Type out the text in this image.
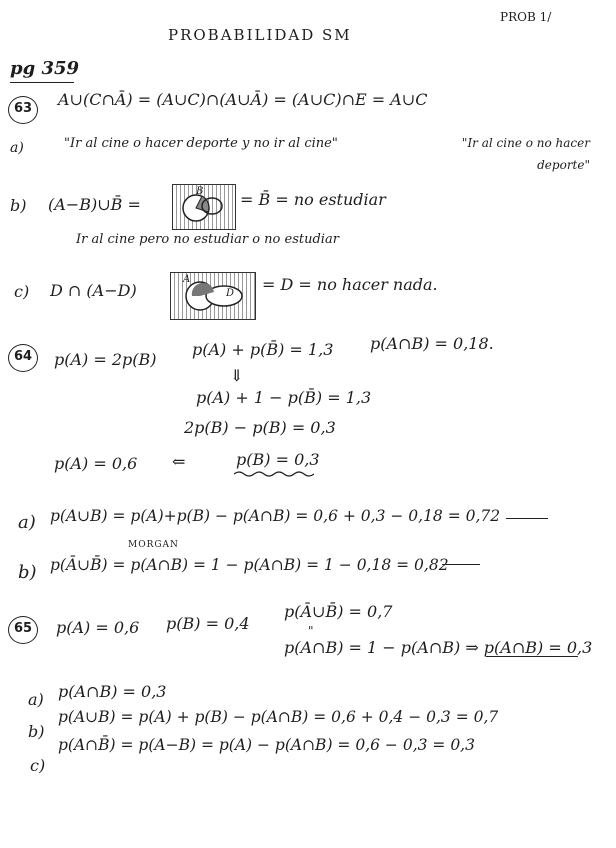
PROBABILIDAD SM
PROB 1/
pg 359
63	A∪(C∩Ā) = (A∪C)∩(A∪Ā) = (A∪C)∩E = A∪C
a)	"Ir al cine o hacer deporte y no ir al cine"	"Ir al cine o no hacer deporte"
b) (A−B)∪B̄ =
B = B̄ = no estudiar
Ir al cine pero no estudiar o no estudiar
c) D ∩ (A−D)
A
D = D = no hacer nada.
64	p(A) = 2p(B)
p(A) + p(B̄) = 1,3 p(A∩B) = 0,18.
⇓
p(A) + 1 − p(B̄) = 1,3
2p(B) − p(B) = 0,3
p(A) = 0,6 ⇐	p(B) = 0,3
a) p(A∪B) = p(A)+p(B) − p(A∩B) = 0,6 + 0,3 − 0,18 = 0,72
MORGAN
b) p(Ā∪B̄) = p(A∩B) = 1 − p(A∩B) = 1 − 0,18 = 0,82
65	p(A) = 0,6 p(B) = 0,4
p(Ā∪B̄) = 0,7
"
p(A∩B) = 1 − p(A∩B) ⇒ p(A∩B) = 0,3
a) p(A∩B) = 0,3
b)
p(A∪B) = p(A) + p(B) − p(A∩B) = 0,6 + 0,4 − 0,3 = 0,7
c)
p(A∩B̄) = p(A−B) = p(A) − p(A∩B) = 0,6 − 0,3 = 0,3
